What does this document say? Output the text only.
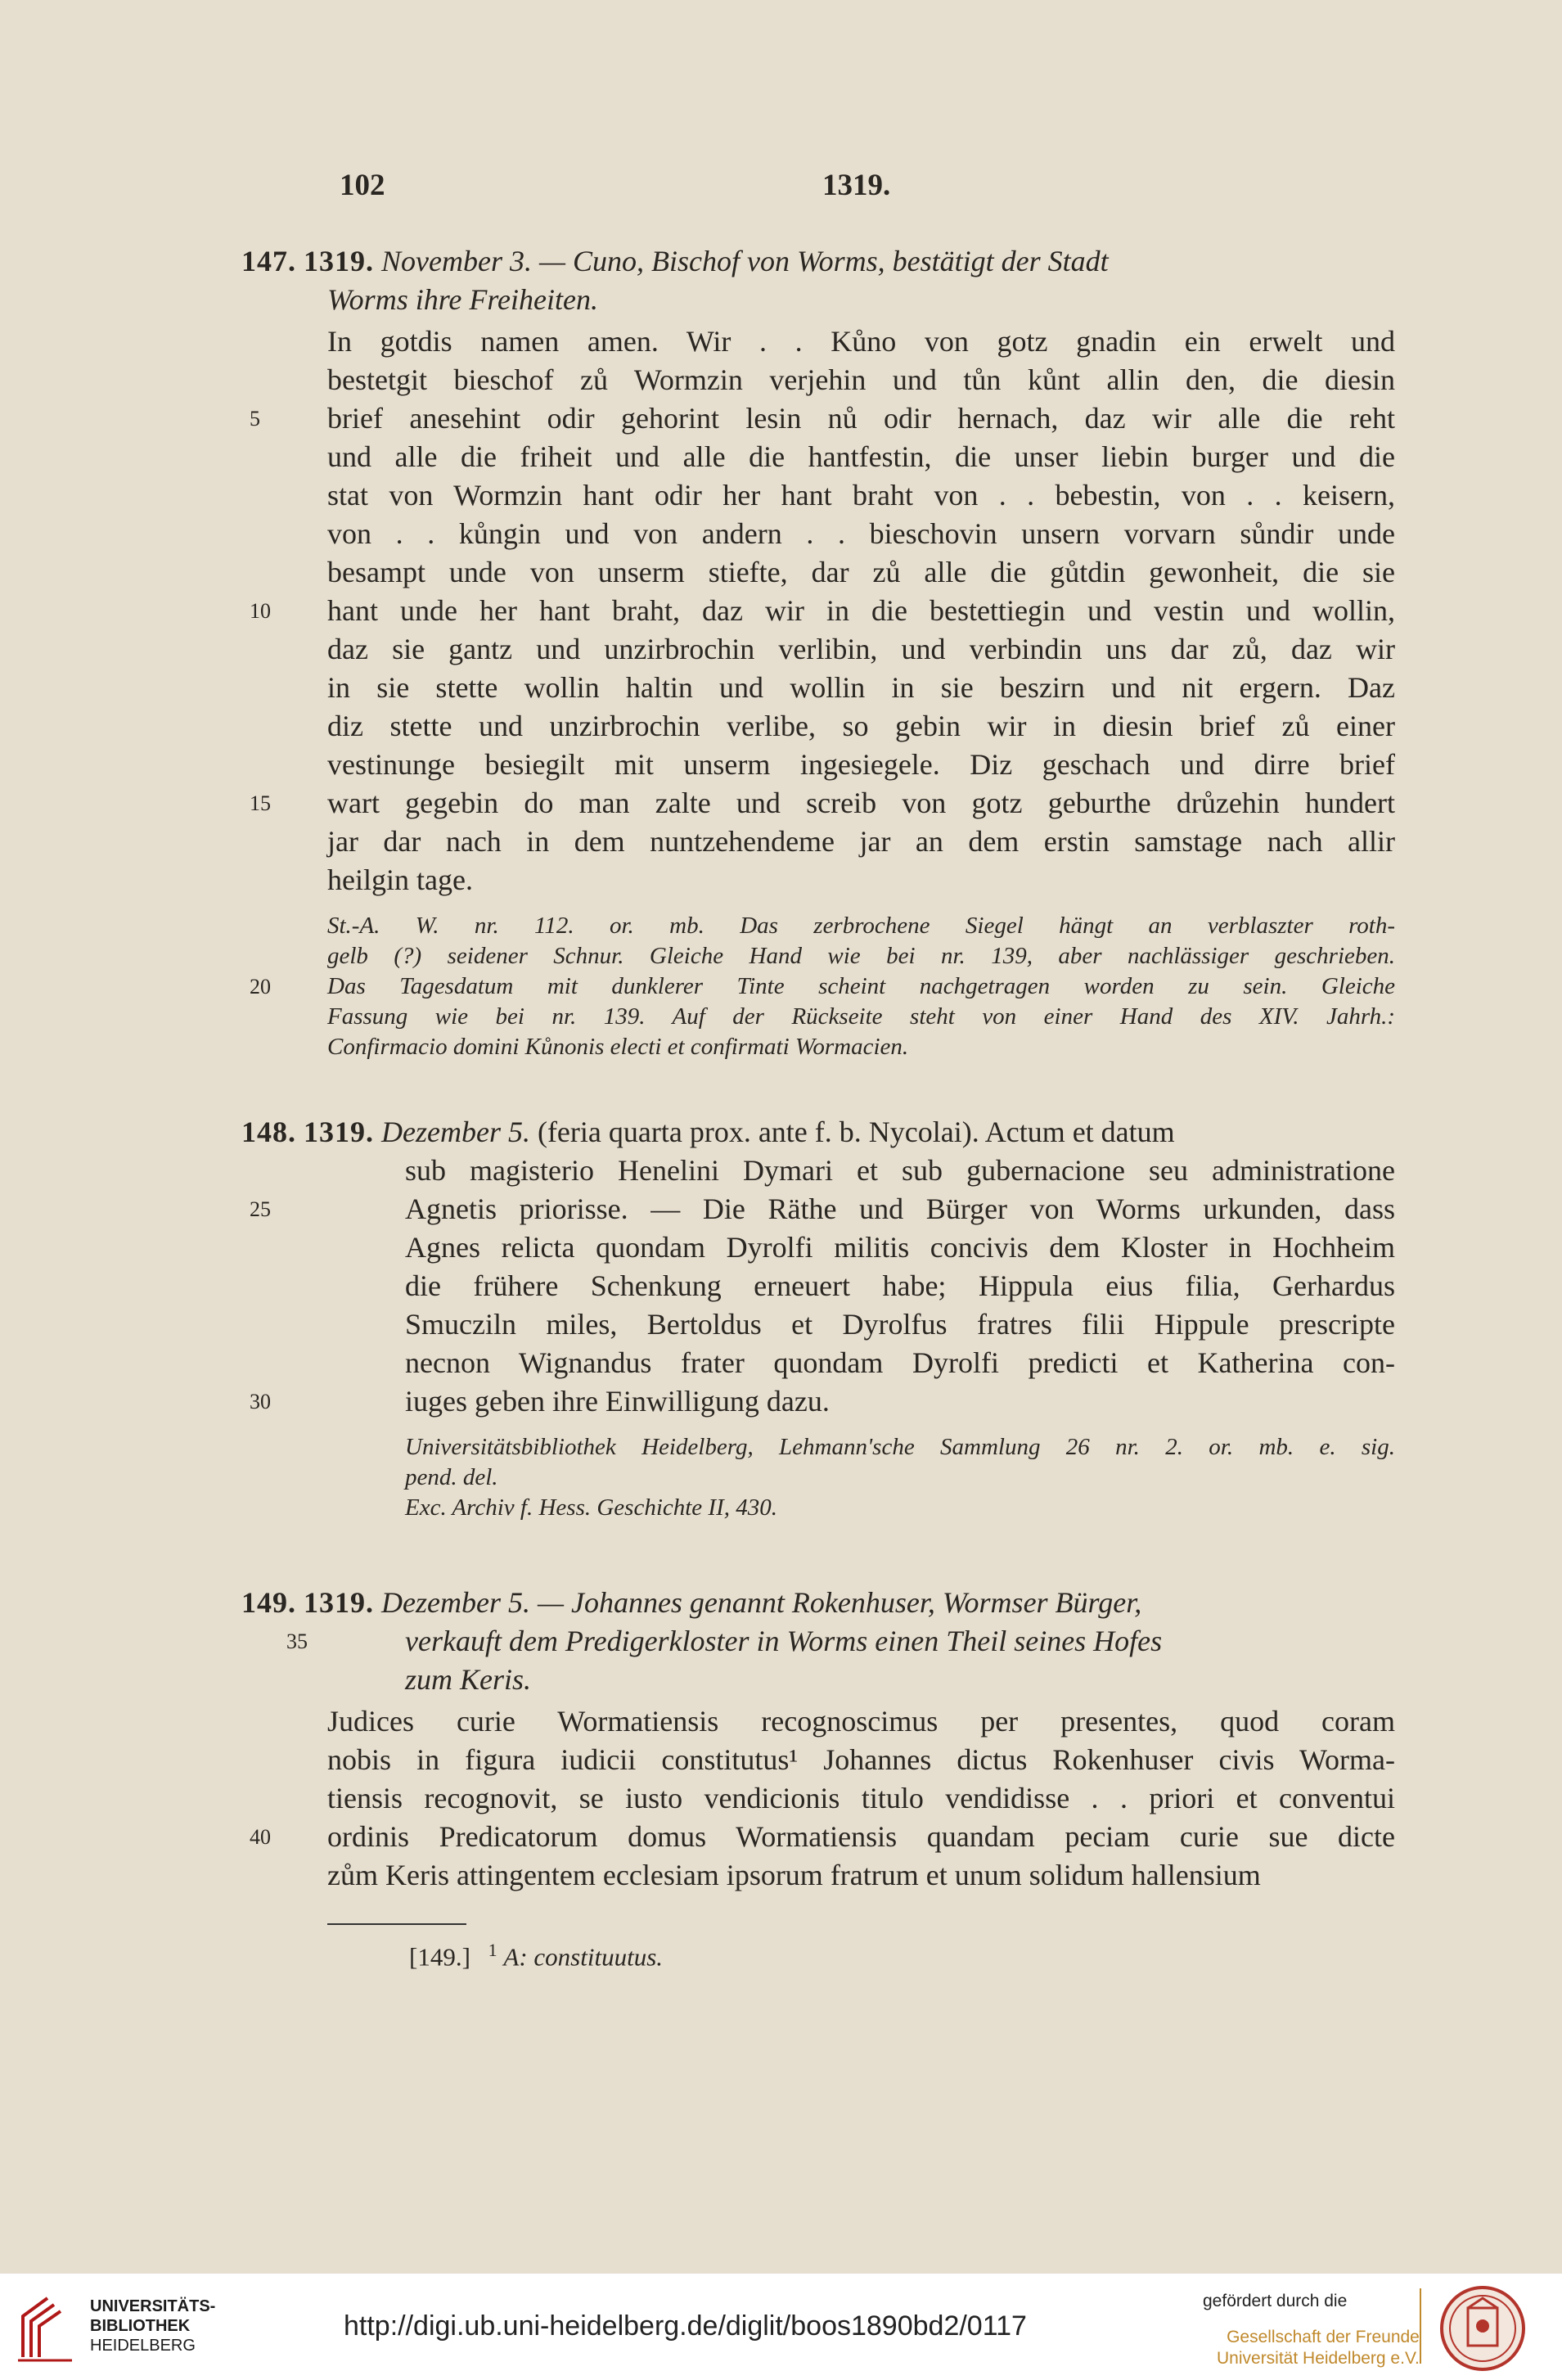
102	1319.
147. 1319. November 3. — Cuno, Bischof von Worms, bestätigt der Stadt
Worms ihre Freiheiten.
In gotdis namen amen. Wir . . Kůno von gotz gnadin ein erwelt und
bestetgit bieschof zů Wormzin verjehin und tůn kůnt allin den, die diesin
5	brief anesehint odir gehorint lesin nů odir hernach, daz wir alle die reht
und alle die friheit und alle die hantfestin, die unser liebin burger und die
stat von Wormzin hant odir her hant braht von . . bebestin, von . . keisern,
von . . kůngin und von andern . . bieschovin unsern vorvarn sůndir unde
besampt unde von unserm stiefte, dar zů alle die gůtdin gewonheit, die sie
10	hant unde her hant braht, daz wir in die bestettiegin und vestin und wollin,
daz sie gantz und unzirbrochin verlibin, und verbindin uns dar zů, daz wir
in sie stette wollin haltin und wollin in sie beszirn und nit ergern. Daz
diz stette und unzirbrochin verlibe, so gebin wir in diesin brief zů einer
vestinunge besiegilt mit unserm ingesiegele. Diz geschach und dirre brief
15	wart gegebin do man zalte und screib von gotz geburthe drůzehin hundert
jar dar nach in dem nuntzehendeme jar an dem erstin samstage nach allir
heilgin tage.
St.-A. W. nr. 112. or. mb. Das zerbrochene Siegel hängt an verblaszter roth-
gelb (?) seidener Schnur. Gleiche Hand wie bei nr. 139, aber nachlässiger geschrieben.
20	Das Tagesdatum mit dunklerer Tinte scheint nachgetragen worden zu sein. Gleiche
Fassung wie bei nr. 139. Auf der Rückseite steht von einer Hand des XIV. Jahrh.:
Confirmacio domini Kůnonis electi et confirmati Wormacien.
148. 1319. Dezember 5. (feria quarta prox. ante f. b. Nycolai). Actum et datum
sub magisterio Henelini Dymari et sub gubernacione seu administratione
25	Agnetis priorisse. — Die Räthe und Bürger von Worms urkunden, dass
Agnes relicta quondam Dyrolfi militis concivis dem Kloster in Hochheim
die frühere Schenkung erneuert habe; Hippula eius filia, Gerhardus
Smucziln miles, Bertoldus et Dyrolfus fratres filii Hippule prescripte
necnon Wignandus frater quondam Dyrolfi predicti et Katherina con-
30	iuges geben ihre Einwilligung dazu.
Universitätsbibliothek Heidelberg, Lehmann'sche Sammlung 26 nr. 2. or. mb. e. sig.
pend. del.
Exc. Archiv f. Hess. Geschichte II, 430.
149. 1319. Dezember 5. — Johannes genannt Rokenhuser, Wormser Bürger,
35	verkauft dem Predigerkloster in Worms einen Theil seines Hofes
zum Keris.
Judices curie Wormatiensis recognoscimus per presentes, quod coram
nobis in figura iudicii constitutus¹ Johannes dictus Rokenhuser civis Worma-
tiensis recognovit, se iusto vendicionis titulo vendidisse . . priori et conventui
40	ordinis Predicatorum domus Wormatiensis quandam peciam curie sue dicte
zům Keris attingentem ecclesiam ipsorum fratrum et unum solidum hallensium
[149.] $^1$ A: constituutus.
UNIVERSITÄTS-
BIBLIOTHEK
HEIDELBERG
http://digi.ub.uni-heidelberg.de/diglit/boos1890bd2/0117
gefördert durch die
Gesellschaft der Freunde
Universität Heidelberg e.V.
